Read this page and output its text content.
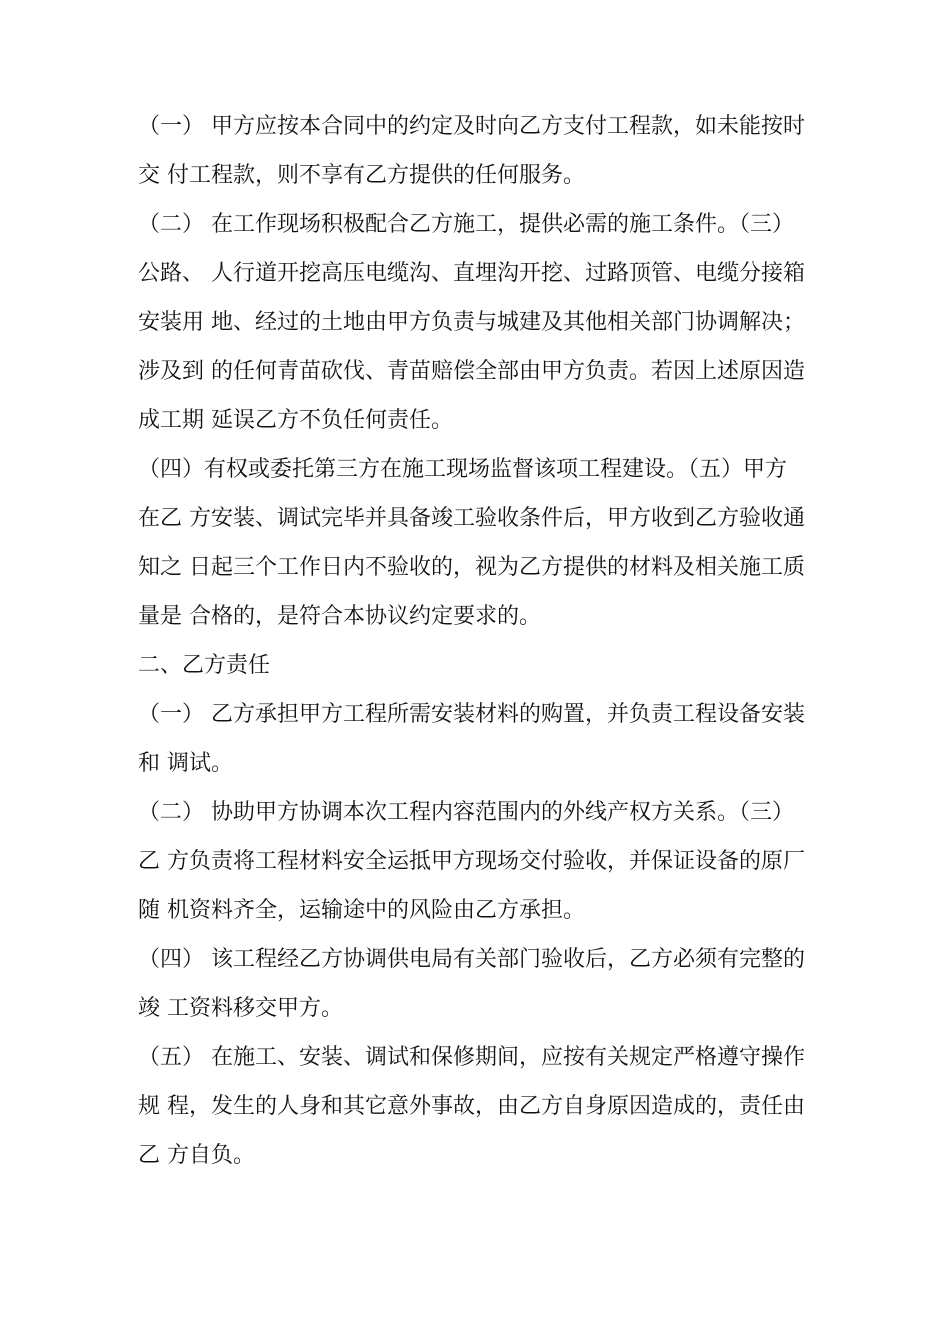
（一） 甲方应按本合同中的约定及时向乙方支付工程款，如未能按时
交 付工程款，则不享有乙方提供的任何服务。
（二） 在工作现场积极配合乙方施工，提供必需的施工条件。（三）
公路、 人行道开挖高压电缆沟、直埋沟开挖、过路顶管、电缆分接箱
安装用 地、经过的土地由甲方负责与城建及其他相关部门协调解决；
涉及到 的任何青苗砍伐、青苗赔偿全部由甲方负责。若因上述原因造
成工期 延误乙方不负任何责任。
（四）有权或委托第三方在施工现场监督该项工程建设。（五）甲方
在乙 方安装、调试完毕并具备竣工验收条件后，甲方收到乙方验收通
知之 日起三个工作日内不验收的，视为乙方提供的材料及相关施工质
量是 合格的，是符合本协议约定要求的。
二、乙方责任
（一） 乙方承担甲方工程所需安装材料的购置，并负责工程设备安装
和 调试。
（二） 协助甲方协调本次工程内容范围内的外线产权方关系。（三）
乙 方负责将工程材料安全运抵甲方现场交付验收，并保证设备的原厂
随 机资料齐全，运输途中的风险由乙方承担。
（四） 该工程经乙方协调供电局有关部门验收后，乙方必须有完整的
竣 工资料移交甲方。
（五） 在施工、安装、调试和保修期间，应按有关规定严格遵守操作
规 程，发生的人身和其它意外事故，由乙方自身原因造成的，责任由
乙 方自负。
